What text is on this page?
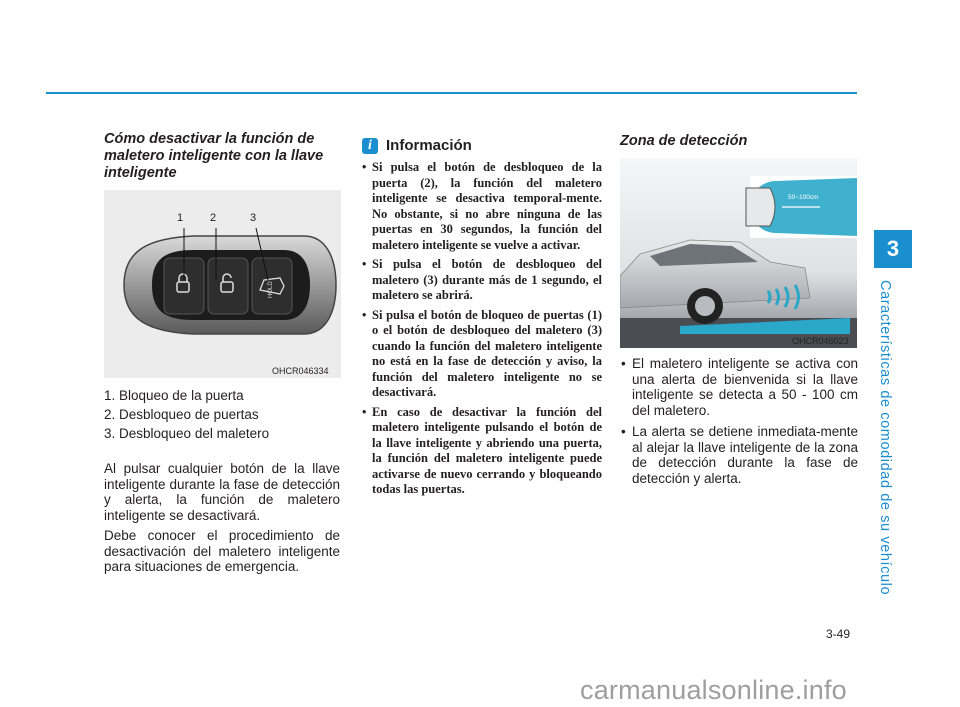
3
Características de comodidad de su vehículo
Cómo desactivar la función de maletero inteligente con la llave inteligente
HOLD
1 2	3
OHCR046334
1. Bloqueo de la puerta
2. Desbloqueo de puertas
3. Desbloqueo del maletero

Al pulsar cualquier botón de la llave inteligente durante la fase de detección y alerta, la función de maletero inteligente se desactivará.

Debe conocer el procedimiento de desactivación del maletero inteligente para situaciones de emergencia.

i Información
• Si pulsa el botón de desbloqueo de la puerta (2), la función del maletero inteligente se desactiva temporal-mente. No obstante, si no abre ninguna de las puertas en 30 segundos, la función del maletero inteligente se vuelve a activar.
• Si pulsa el botón de desbloqueo del maletero (3) durante más de 1 segundo, el maletero se abrirá.
• Si pulsa el botón de bloqueo de puertas (1) o el botón de desbloqueo del maletero (3) cuando la función del maletero inteligente no está en la fase de detección y aviso, la función del maletero inteligente no se desactivará.
• En caso de desactivar la función del maletero inteligente pulsando el botón de la llave inteligente y abriendo una puerta, la función del maletero inteligente puede activarse de nuevo cerrando y bloqueando todas las puertas.
Zona de detección
50~100cm
OHCR046023
• El maletero inteligente se activa con una alerta de bienvenida si la llave inteligente se detecta a 50 - 100 cm del maletero.
• La alerta se detiene inmediata-mente al alejar la llave inteligente de la zona de detección durante la fase de detección y alerta.
3-49
carmanualsonline.info
